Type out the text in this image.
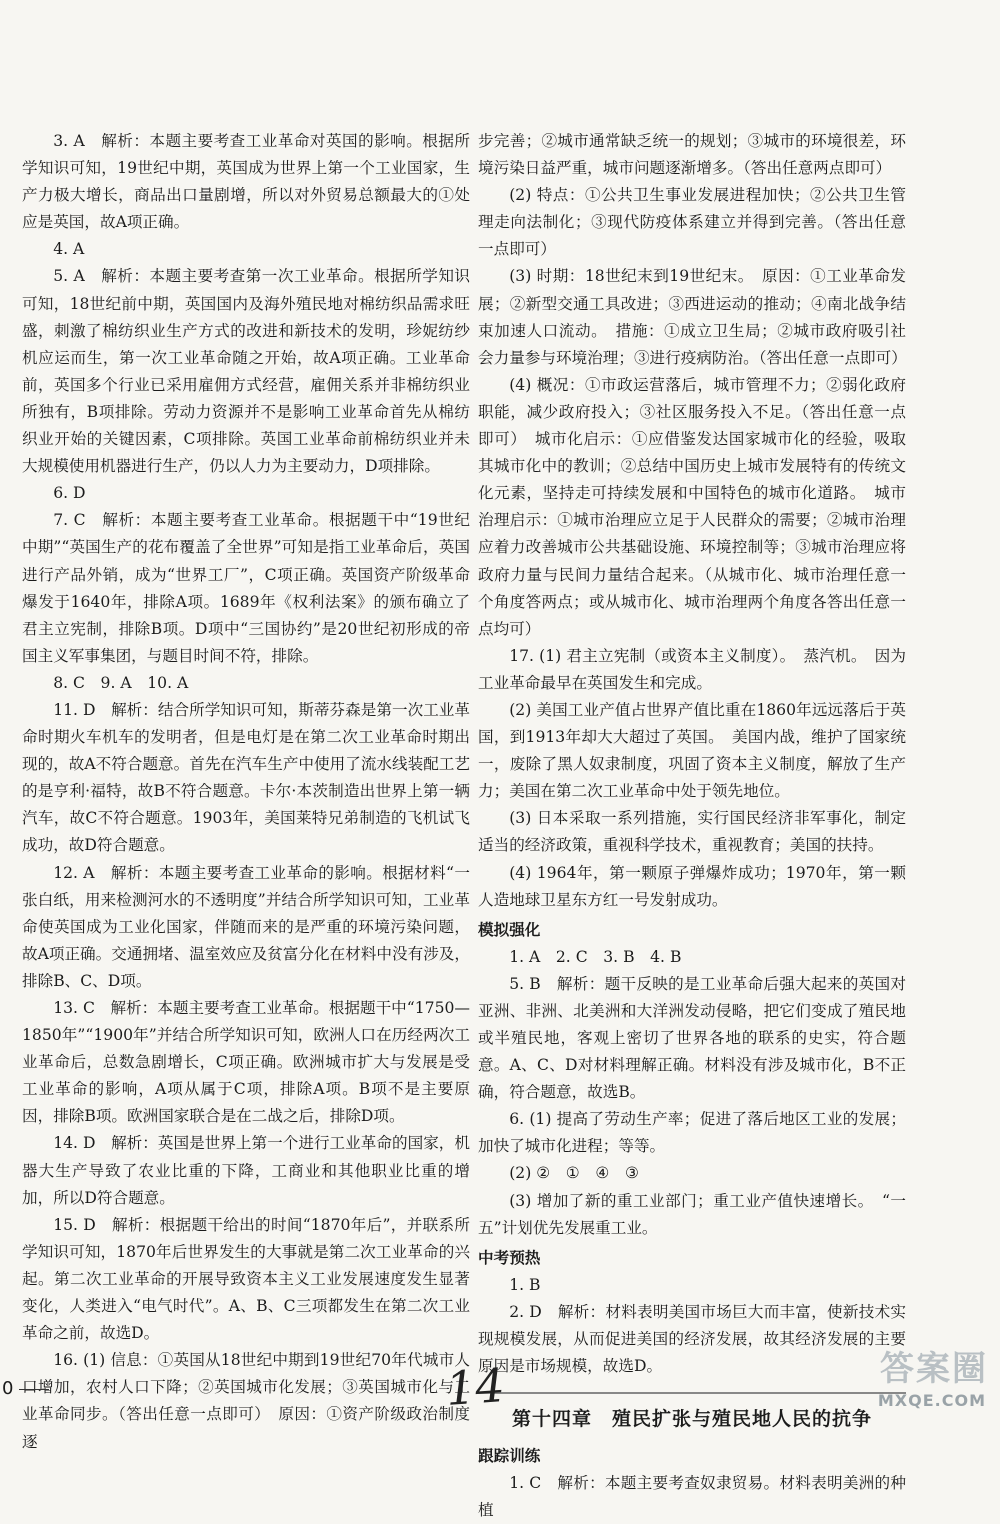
3. A　解析：本题主要考查工业革命对英国的影响。根据所学知识可知，19世纪中期，英国成为世界上第一个工业国家，生产力极大增长，商品出口量剧增，所以对外贸易总额最大的①处应是英国，故A项正确。

4. A

5. A　解析：本题主要考查第一次工业革命。根据所学知识可知，18世纪前中期，英国国内及海外殖民地对棉纺织品需求旺盛，刺激了棉纺织业生产方式的改进和新技术的发明，珍妮纺纱机应运而生，第一次工业革命随之开始，故A项正确。工业革命前，英国多个行业已采用雇佣方式经营，雇佣关系并非棉纺织业所独有，B项排除。劳动力资源并不是影响工业革命首先从棉纺织业开始的关键因素，C项排除。英国工业革命前棉纺织业并未大规模使用机器进行生产，仍以人力为主要动力，D项排除。

6. D

7. C　解析：本题主要考查工业革命。根据题干中“19世纪中期”“英国生产的花布覆盖了全世界”可知是指工业革命后，英国进行产品外销，成为“世界工厂”，C项正确。英国资产阶级革命爆发于1640年，排除A项。1689年《权利法案》的颁布确立了君主立宪制，排除B项。D项中“三国协约”是20世纪初形成的帝国主义军事集团，与题目时间不符，排除。

8. C　9. A　10. A

11. D　解析：结合所学知识可知，斯蒂芬森是第一次工业革命时期火车机车的发明者，但是电灯是在第二次工业革命时期出现的，故A不符合题意。首先在汽车生产中使用了流水线装配工艺的是亨利·福特，故B不符合题意。卡尔·本茨制造出世界上第一辆汽车，故C不符合题意。1903年，美国莱特兄弟制造的飞机试飞成功，故D符合题意。

12. A　解析：本题主要考查工业革命的影响。根据材料“一张白纸，用来检测河水的不透明度”并结合所学知识可知，工业革命使英国成为工业化国家，伴随而来的是严重的环境污染问题，故A项正确。交通拥堵、温室效应及贫富分化在材料中没有涉及，排除B、C、D项。

13. C　解析：本题主要考查工业革命。根据题干中“1750—1850年”“1900年”并结合所学知识可知，欧洲人口在历经两次工业革命后，总数急剧增长，C项正确。欧洲城市扩大与发展是受工业革命的影响，A项从属于C项，排除A项。B项不是主要原因，排除B项。欧洲国家联合是在二战之后，排除D项。

14. D　解析：英国是世界上第一个进行工业革命的国家，机器大生产导致了农业比重的下降，工商业和其他职业比重的增加，所以D符合题意。

15. D　解析：根据题干给出的时间“1870年后”，并联系所学知识可知，1870年后世界发生的大事就是第二次工业革命的兴起。第二次工业革命的开展导致资本主义工业发展速度发生显著变化，人类进入“电气时代”。A、B、C三项都发生在第二次工业革命之前，故选D。

16. (1) 信息：①英国从18世纪中期到19世纪70年代城市人口增加，农村人口下降；②英国城市化发展；③英国城市化与工业革命同步。（答出任意一点即可）　原因：①资产阶级政治制度逐

步完善；②城市通常缺乏统一的规划；③城市的环境很差，环境污染日益严重，城市问题逐渐增多。（答出任意两点即可）

(2) 特点：①公共卫生事业发展进程加快；②公共卫生管理走向法制化；③现代防疫体系建立并得到完善。（答出任意一点即可）

(3) 时期：18世纪末到19世纪末。　原因：①工业革命发展；②新型交通工具改进；③西进运动的推动；④南北战争结束加速人口流动。　措施：①成立卫生局；②城市政府吸引社会力量参与环境治理；③进行疫病防治。（答出任意一点即可）

(4) 概况：①市政运营落后，城市管理不力；②弱化政府职能，减少政府投入；③社区服务投入不足。（答出任意一点即可）　城市化启示：①应借鉴发达国家城市化的经验，吸取其城市化中的教训；②总结中国历史上城市发展特有的传统文化元素，坚持走可持续发展和中国特色的城市化道路。　城市治理启示：①城市治理应立足于人民群众的需要；②城市治理应着力改善城市公共基础设施、环境控制等；③城市治理应将政府力量与民间力量结合起来。（从城市化、城市治理任意一个角度答两点；或从城市化、城市治理两个角度各答出任意一点均可）

17. (1) 君主立宪制（或资本主义制度）。　蒸汽机。　因为工业革命最早在英国发生和完成。

(2) 美国工业产值占世界产值比重在1860年远远落后于英国，到1913年却大大超过了英国。　美国内战，维护了国家统一，废除了黑人奴隶制度，巩固了资本主义制度，解放了生产力；美国在第二次工业革命中处于领先地位。

(3) 日本采取一系列措施，实行国民经济非军事化，制定适当的经济政策，重视科学技术，重视教育；美国的扶持。

(4) 1964年，第一颗原子弹爆炸成功；1970年，第一颗人造地球卫星东方红一号发射成功。

模拟强化

1. A　2. C　3. B　4. B

5. B　解析：题干反映的是工业革命后强大起来的英国对亚洲、非洲、北美洲和大洋洲发动侵略，把它们变成了殖民地或半殖民地，客观上密切了世界各地的联系的史实，符合题意。A、C、D对材料理解正确。材料没有涉及城市化，B不正确，符合题意，故选B。

6. (1) 提高了劳动生产率；促进了落后地区工业的发展；加快了城市化进程；等等。

(2) ②　①　④　③

(3) 增加了新的重工业部门；重工业产值快速增长。　“一五”计划优先发展重工业。

中考预热

1. B

2. D　解析：材料表明美国市场巨大而丰富，使新技术实现规模发展，从而促进美国的经济发展，故其经济发展的主要原因是市场规模，故选D。

第十四章　殖民扩张与殖民地人民的抗争
跟踪训练

1. C　解析：本题主要考查奴隶贸易。材料表明美洲的种植

0	14	答案圈
MXQE.COM
